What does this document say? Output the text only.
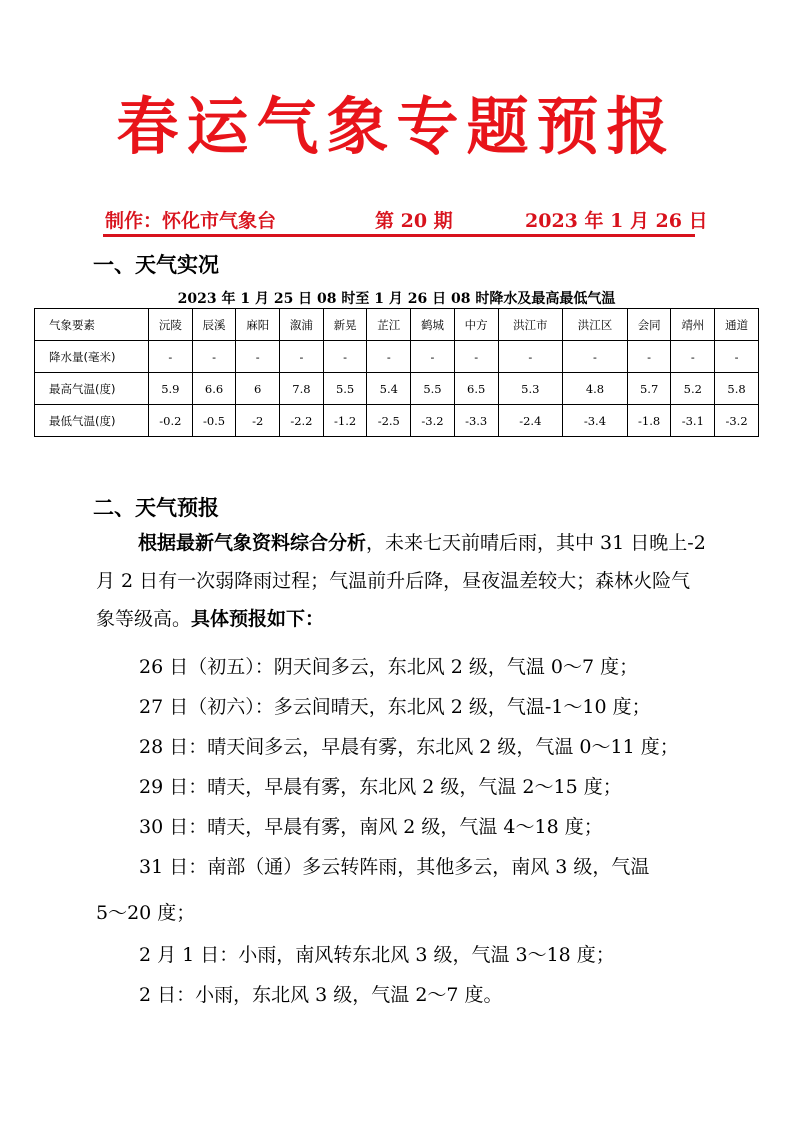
春运气象专题预报
制作：怀化市气象台	第 20 期	2023 年 1 月 26 日
一、天气实况
2023 年 1 月 25 日 08 时至 1 月 26 日 08 时降水及最高最低气温
气象要素	沅陵	辰溪	麻阳	溆浦	新晃	芷江	鹤城	中方	洪江市	洪江区	会同	靖州	通道
降水量(毫米)	-	-	-	-	-	-	-	-	-	-	-	-	-
最高气温(度)	5.9	6.6	6	7.8	5.5	5.4	5.5	6.5	5.3	4.8	5.7	5.2	5.8
最低气温(度)	-0.2	-0.5	-2	-2.2	-1.2	-2.5	-3.2	-3.3	-2.4	-3.4	-1.8	-3.1	-3.2
二、天气预报

根据最新气象资料综合分析，未来七天前晴后雨，其中 31 日晚上-2 月 2 日有一次弱降雨过程；气温前升后降，昼夜温差较大；森林火险气象等级高。具体预报如下：

26 日（初五）：阴天间多云，东北风 2 级，气温 0～7 度；
27 日（初六）：多云间晴天，东北风 2 级，气温-1～10 度；
28 日：晴天间多云，早晨有雾，东北风 2 级，气温 0～11 度；
29 日：晴天，早晨有雾，东北风 2 级，气温 2～15 度；
30 日：晴天，早晨有雾，南风 2 级，气温 4～18 度；
31 日：南部（通）多云转阵雨，其他多云，南风 3 级，气温
5～20 度；
2 月 1 日：小雨，南风转东北风 3 级，气温 3～18 度；
2 日：小雨，东北风 3 级，气温 2～7 度。
